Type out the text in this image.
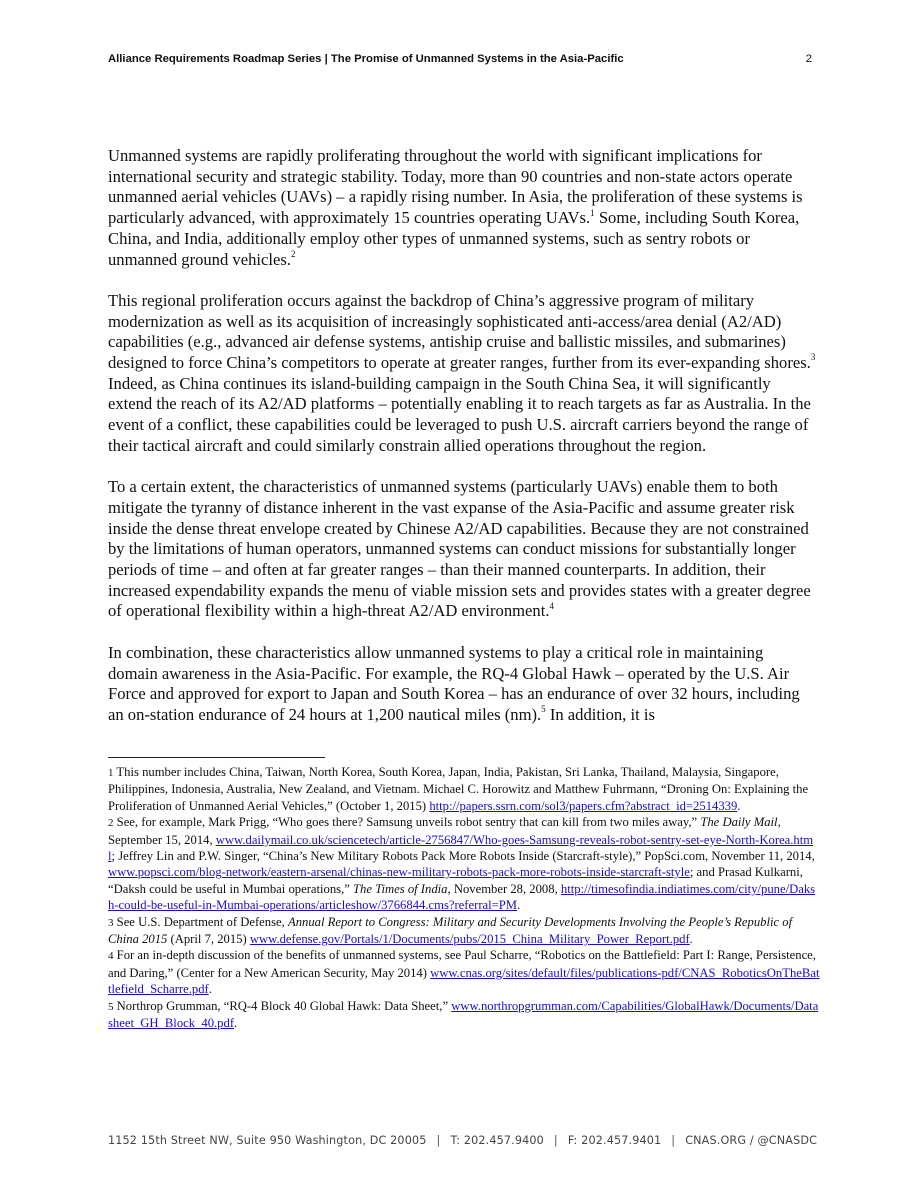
Alliance Requirements Roadmap Series | The Promise of Unmanned Systems in the Asia-Pacific	2

Unmanned systems are rapidly proliferating throughout the world with significant implications for international security and strategic stability. Today, more than 90 countries and non-state actors operate unmanned aerial vehicles (UAVs) – a rapidly rising number. In Asia, the proliferation of these systems is particularly advanced, with approximately 15 countries operating UAVs.$^1$ Some, including South Korea, China, and India, additionally employ other types of unmanned systems, such as sentry robots or unmanned ground vehicles.$^2$

This regional proliferation occurs against the backdrop of China’s aggressive program of military modernization as well as its acquisition of increasingly sophisticated anti-access/area denial (A2/AD) capabilities (e.g., advanced air defense systems, antiship cruise and ballistic missiles, and submarines) designed to force China’s competitors to operate at greater ranges, further from its ever-expanding shores.$^3$ Indeed, as China continues its island-building campaign in the South China Sea, it will significantly extend the reach of its A2/AD platforms – potentially enabling it to reach targets as far as Australia. In the event of a conflict, these capabilities could be leveraged to push U.S. aircraft carriers beyond the range of their tactical aircraft and could similarly constrain allied operations throughout the region.

To a certain extent, the characteristics of unmanned systems (particularly UAVs) enable them to both mitigate the tyranny of distance inherent in the vast expanse of the Asia-Pacific and assume greater risk inside the dense threat envelope created by Chinese A2/AD capabilities. Because they are not constrained by the limitations of human operators, unmanned systems can conduct missions for substantially longer periods of time – and often at far greater ranges – than their manned counterparts. In addition, their increased expendability expands the menu of viable mission sets and provides states with a greater degree of operational flexibility within a high-threat A2/AD environment.$^4$

In combination, these characteristics allow unmanned systems to play a critical role in maintaining domain awareness in the Asia-Pacific. For example, the RQ-4 Global Hawk – operated by the U.S. Air Force and approved for export to Japan and South Korea – has an endurance of over 32 hours, including an on-station endurance of 24 hours at 1,200 nautical miles (nm).$^5$ In addition, it is

1 This number includes China, Taiwan, North Korea, South Korea, Japan, India, Pakistan, Sri Lanka, Thailand, Malaysia, Singapore, Philippines, Indonesia, Australia, New Zealand, and Vietnam. Michael C. Horowitz and Matthew Fuhrmann, “Droning On: Explaining the Proliferation of Unmanned Aerial Vehicles,” (October 1, 2015) http://papers.ssrn.com/sol3/papers.cfm?abstract_id=2514339.

2 See, for example, Mark Prigg, “Who goes there? Samsung unveils robot sentry that can kill from two miles away,” The Daily Mail, September 15, 2014, www.dailymail.co.uk/sciencetech/article-2756847/Who-goes-Samsung-reveals-robot-sentry-set-eye-North-Korea.html; Jeffrey Lin and P.W. Singer, “China’s New Military Robots Pack More Robots Inside (Starcraft-style),” PopSci.com, November 11, 2014, www.popsci.com/blog-network/eastern-arsenal/chinas-new-military-robots-pack-more-robots-inside-starcraft-style; and Prasad Kulkarni, “Daksh could be useful in Mumbai operations,” The Times of India, November 28, 2008, http://timesofindia.indiatimes.com/city/pune/Daksh-could-be-useful-in-Mumbai-operations/articleshow/3766844.cms?referral=PM.

3 See U.S. Department of Defense, Annual Report to Congress: Military and Security Developments Involving the People’s Republic of China 2015 (April 7, 2015) www.defense.gov/Portals/1/Documents/pubs/2015_China_Military_Power_Report.pdf.

4 For an in-depth discussion of the benefits of unmanned systems, see Paul Scharre, “Robotics on the Battlefield: Part I: Range, Persistence, and Daring,” (Center for a New American Security, May 2014) www.cnas.org/sites/default/files/publications-pdf/CNAS_RoboticsOnTheBattlefield_Scharre.pdf.

5 Northrop Grumman, “RQ-4 Block 40 Global Hawk: Data Sheet,” www.northropgrumman.com/Capabilities/GlobalHawk/Documents/Datasheet_GH_Block_40.pdf.

1152 15th Street NW, Suite 950 Washington, DC 20005 | T: 202.457.9400 | F: 202.457.9401 | CNAS.ORG / @CNASDC
